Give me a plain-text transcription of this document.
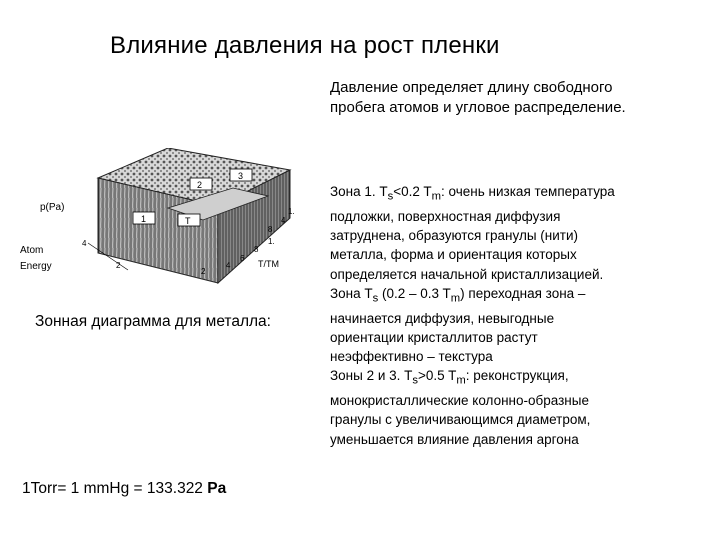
Влияние давления на рост пленки
Давление определяет длину свободного
пробега атомов и угловое распределение.
2
3
1	T
p(Pa)
Atom
Energy	T/TM
1.
4
8
4
2
1.
8
6
4
2
Зонная диаграмма для металла:
Зона 1. $T_s<0.2$ $T_m$: очень низкая температура
подложки, поверхностная диффузия
затруднена, образуются гранулы (нити)
металла, форма и ориентация которых
определяется начальной кристаллизацией.
Зона $T_s$ (0.2 – 0.3 $T_m$) переходная зона –
начинается диффузия, невыгодные
ориентации кристаллитов растут
неэффективно – текстура
Зоны 2 и 3. $T_s>0.5$ $T_m$: реконструкция,
монокристаллические колонно-образные
гранулы с увеличивающимся диаметром,
уменьшается влияние давления аргона
1Torr= 1 mmHg = 133.322 Pa
